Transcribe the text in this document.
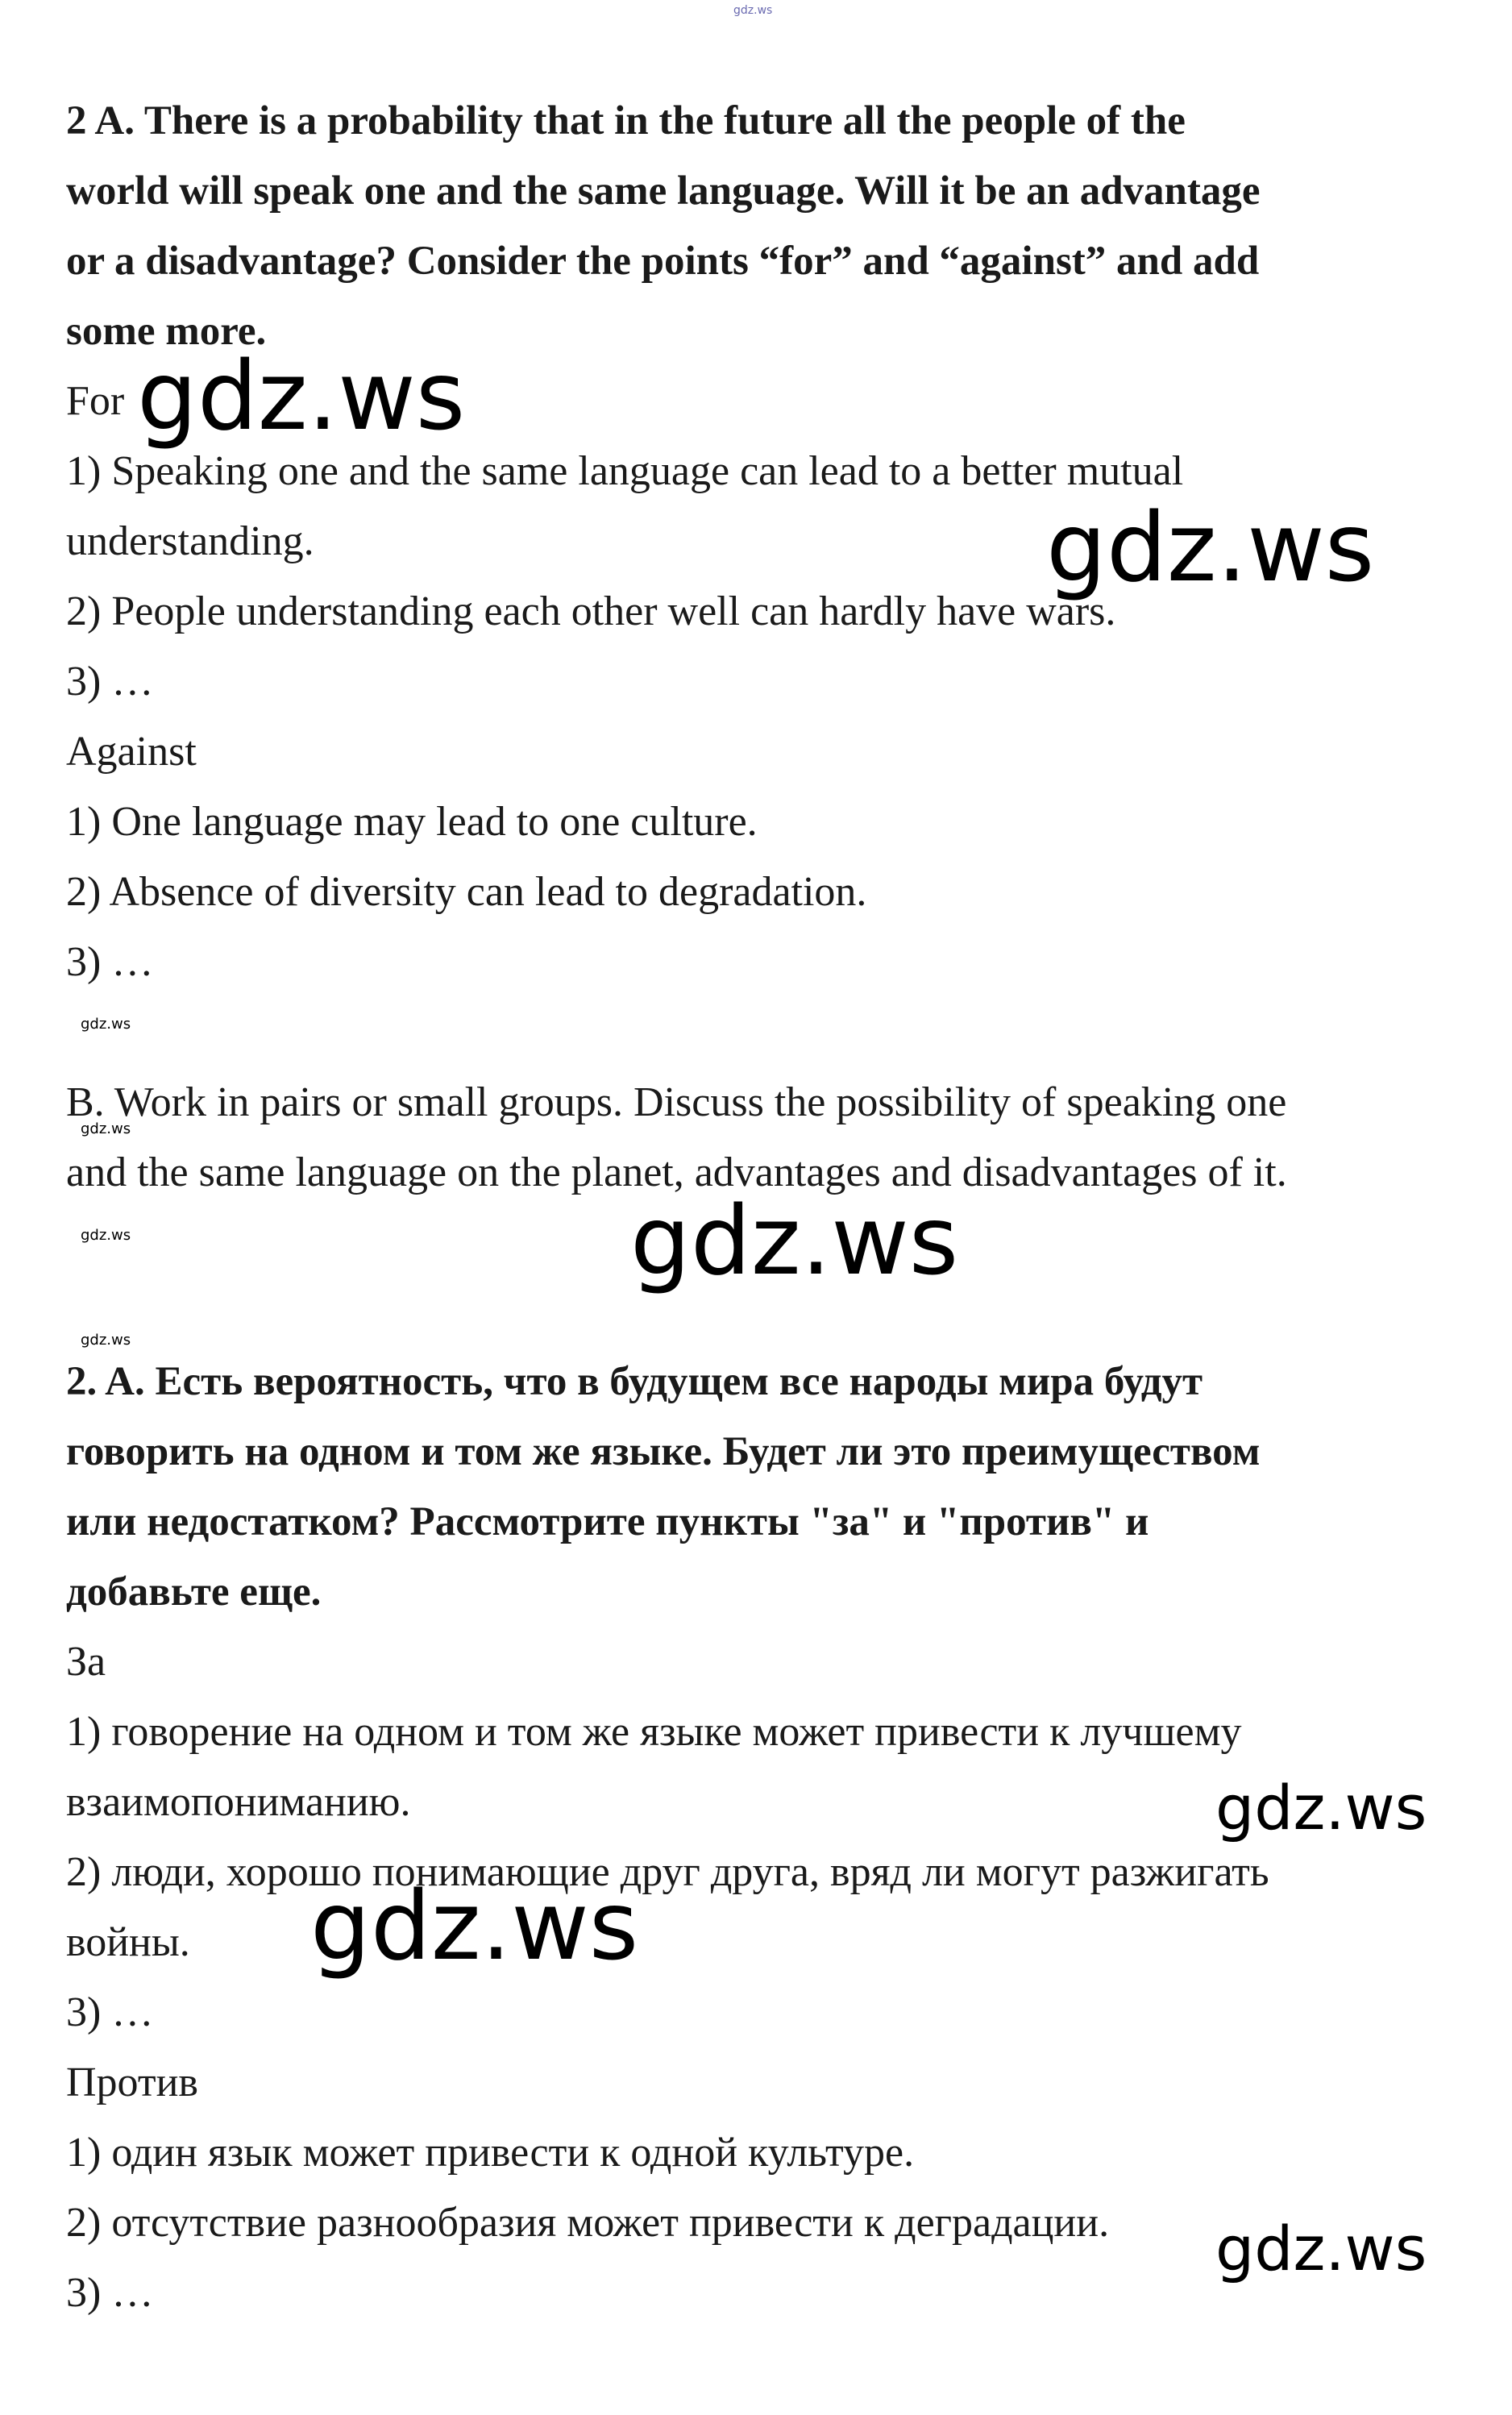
2 A. There is a probability that in the future all the people of the

world will speak one and the same language. Will it be an advantage

or a disadvantage? Consider the points “for” and “against” and add

some more.

For

1) Speaking one and the same language can lead to a better mutual

understanding.

2) People understanding each other well can hardly have wars.

3) …

Against

1) One language may lead to one culture.

2) Absence of diversity can lead to degradation.

3) …

B. Work in pairs or small groups. Discuss the possibility of speaking one

and the same language on the planet, advantages and disadvantages of it.

2. A. Есть вероятность, что в будущем все народы мира будут

говорить на одном и том же языке. Будет ли это преимуществом

или недостатком? Рассмотрите пункты "за" и "против" и

добавьте еще.

За

1) говорение на одном и том же языке может привести к лучшему

взаимопониманию.

2) люди, хорошо понимающие друг друга, вряд ли могут разжигать

войны.

3) …

Против

1) один язык может привести к одной культуре.

2) отсутствие разнообразия может привести к деградации.

3) …

gdz.ws
gdz.ws
gdz.ws
gdz.ws
gdz.ws
gdz.ws
gdz.ws
gdz.ws
gdz.ws
gdz.ws
gdz.ws
